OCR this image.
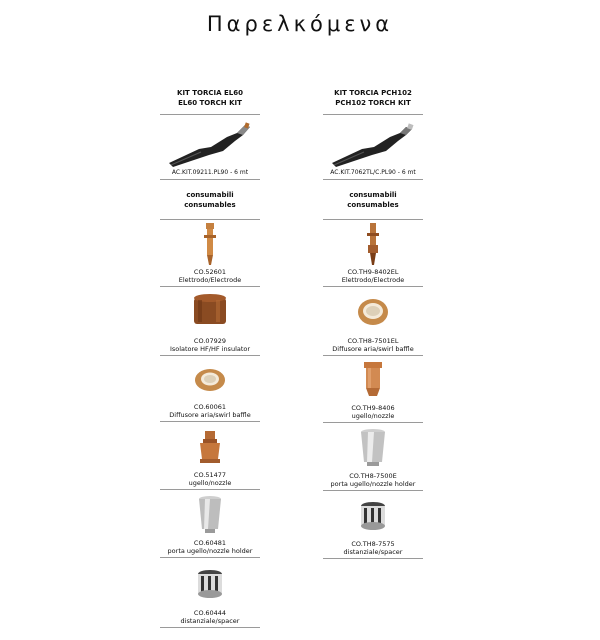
Παρελκόμενα
KIT TORCIA EL60
EL60 TORCH KIT
AC.KIT.09211.PL90 - 6 mt
consumabili
consumables
CO.52601
Elettrodo/Electrode
CO.07929
Isolatore HF/HF insulator
CO.60061
Diffusore aria/swirl baffle
CO.51477
ugello/nozzle
CO.60481
porta ugello/nozzle holder
CO.60444
distanziale/spacer
KIT TORCIA PCH102
PCH102 TORCH KIT
AC.KIT.7062TL/C.PL90 - 6 mt
consumabili
consumables
CO.TH9-8402EL
Elettrodo/Electrode
CO.TH8-7501EL
Diffusore aria/swirl baffle
CO.TH9-8406
ugello/nozzle
CO.TH8-7500E
porta ugello/nozzle holder
CO.TH8-7575
distanziale/spacer
